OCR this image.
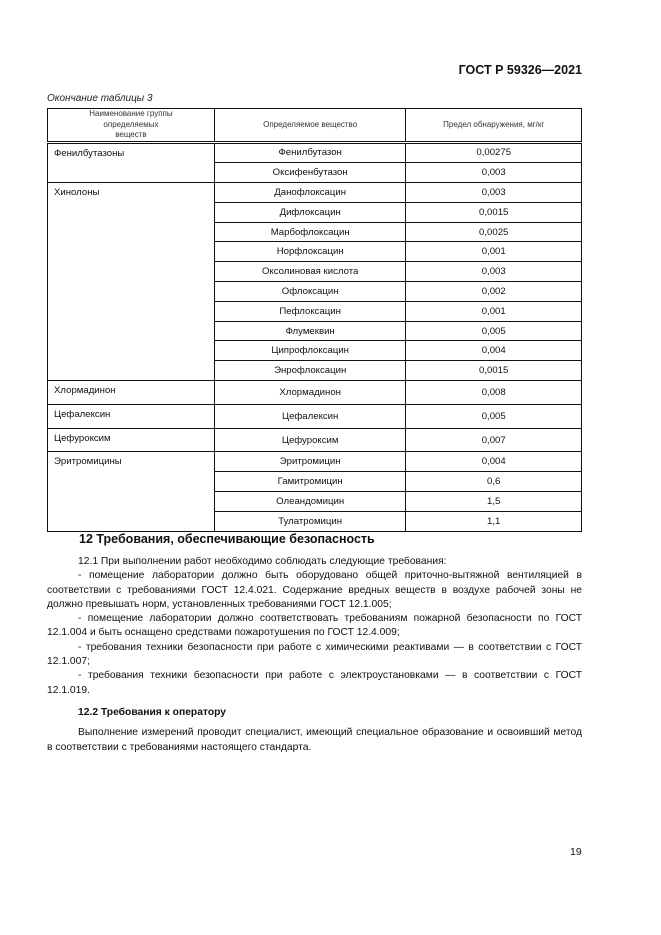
ГОСТ Р 59326—2021
Окончание таблицы 3
Наименование группы определяемых веществ	Определяемое вещество	Предел обнаружения, мг/кг
Фенилбутазоны	Фенилбутазон	0,00275
	Оксифенбутазон	0,003
Хинолоны	Данофлоксацин	0,003
	Дифлоксацин	0,0015
	Марбофлоксацин	0,0025
	Норфлоксацин	0,001
	Оксолиновая кислота	0,003
	Офлоксацин	0,002
	Пефлоксацин	0,001
	Флумеквин	0,005
	Ципрофлоксацин	0,004
	Энрофлоксацин	0,0015
Хлормадинон	Хлормадинон	0,008
Цефалексин	Цефалексин	0,005
Цефуроксим	Цефуроксим	0,007
Эритромицины	Эритромицин	0,004
	Гамитромицин	0,6
	Олеандомицин	1,5
	Тулатромицин	1,1
12 Требования, обеспечивающие безопасность

12.1 При выполнении работ необходимо соблюдать следующие требования:

- помещение лаборатории должно быть оборудовано общей приточно-вытяжной вентиляцией в соответствии с требованиями ГОСТ 12.4.021. Содержание вредных веществ в воздухе рабочей зоны не должно превышать норм, установленных требованиями ГОСТ 12.1.005;

- помещение лаборатории должно соответствовать требованиям пожарной безопасности по ГОСТ 12.1.004 и быть оснащено средствами пожаротушения по ГОСТ 12.4.009;

- требования техники безопасности при работе с химическими реактивами — в соответствии с ГОСТ 12.1.007;

- требования техники безопасности при работе с электроустановками — в соответствии с ГОСТ 12.1.019.

12.2 Требования к оператору

Выполнение измерений проводит специалист, имеющий специальное образование и освоивший метод в соответствии с требованиями настоящего стандарта.

19
